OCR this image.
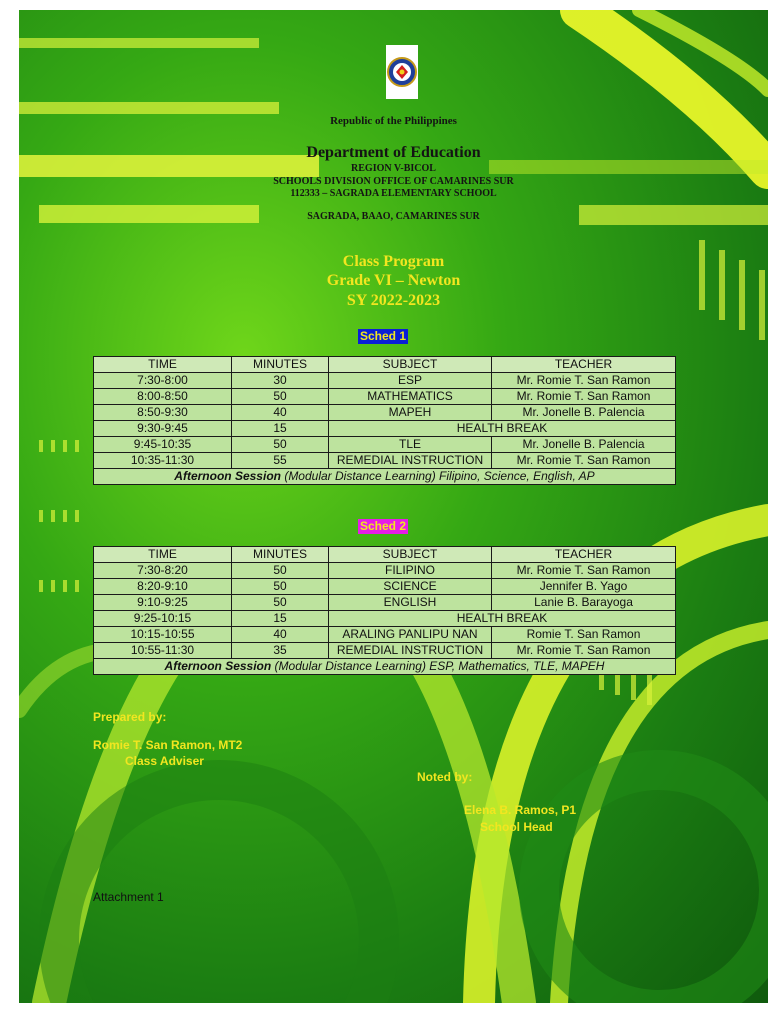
Republic of the Philippines
Department of Education
REGION V-BICOL
SCHOOLS DIVISION OFFICE OF CAMARINES SUR
112333 – SAGRADA ELEMENTARY SCHOOL
SAGRADA, BAAO, CAMARINES SUR
Class Program
Grade VI – Newton
SY 2022-2023
Sched 1
TIME	MINUTES	SUBJECT	TEACHER
7:30-8:00	30	ESP	Mr. Romie T. San Ramon
8:00-8:50	50	MATHEMATICS	Mr. Romie T. San Ramon
8:50-9:30	40	MAPEH	Mr. Jonelle B. Palencia
9:30-9:45	15	HEALTH BREAK	
9:45-10:35	50	TLE	Mr. Jonelle B. Palencia
10:35-11:30	55	REMEDIAL INSTRUCTION	Mr. Romie T. San Ramon
Afternoon Session (Modular Distance Learning) Filipino, Science, English, AP			
Sched 2
TIME	MINUTES	SUBJECT	TEACHER
7:30-8:20	50	FILIPINO	Mr. Romie T. San Ramon
8:20-9:10	50	SCIENCE	Jennifer B. Yago
9:10-9:25	50	ENGLISH	Lanie B. Barayoga
9:25-10:15	15	HEALTH BREAK	
10:15-10:55	40	ARALING PANLIPU NAN	Romie T. San Ramon
10:55-11:30	35	REMEDIAL INSTRUCTION	Mr. Romie T. San Ramon
Afternoon Session (Modular Distance Learning) ESP, Mathematics, TLE, MAPEH			
Prepared by:
Romie T. San Ramon, MT2
Class Adviser
Noted by:
Elena B. Ramos, P1
School Head
Attachment 1
